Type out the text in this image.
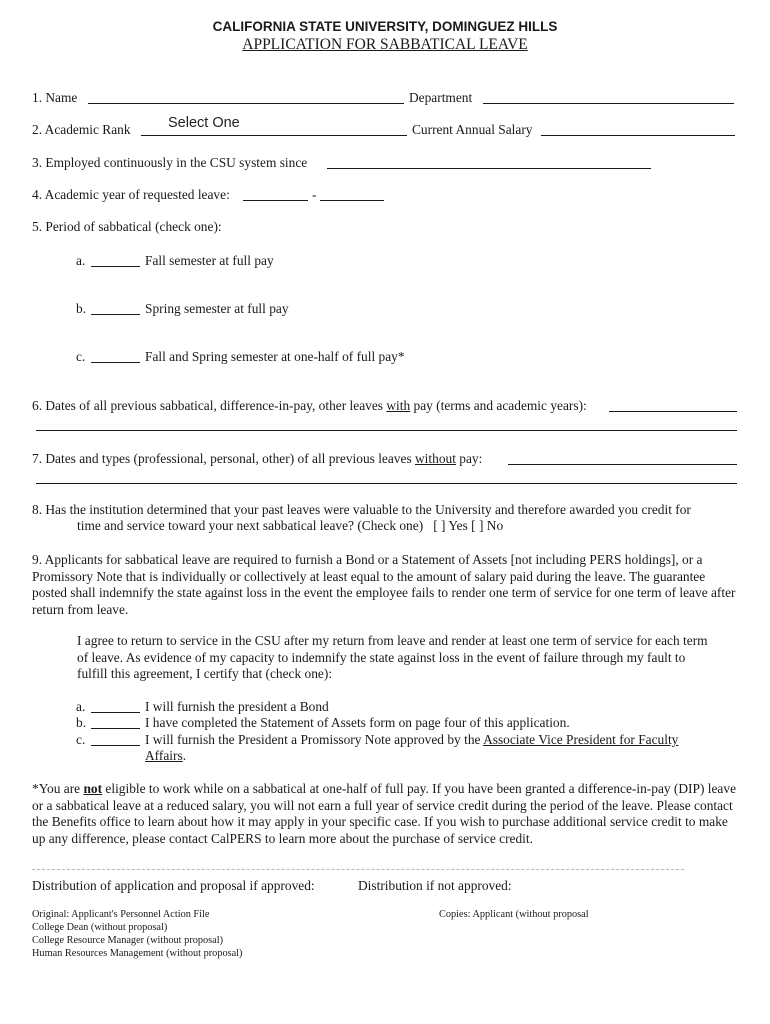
CALIFORNIA STATE UNIVERSITY, DOMINGUEZ HILLS
APPLICATION FOR SABBATICAL LEAVE
1. Name	Department
2. Academic Rank	Select One	Current Annual Salary
3. Employed continuously in the CSU system since
4. Academic year of requested leave:	-
5. Period of sabbatical (check one):
a.	Fall semester at full pay
b.	Spring semester at full pay
c.	Fall and Spring semester at one-half of full pay*
6. Dates of all previous sabbatical, difference-in-pay, other leaves with pay (terms and academic years):
7. Dates and types (professional, personal, other) of all previous leaves without pay:
8. Has the institution determined that your past leaves were valuable to the University and therefore awarded you credit for
time and service toward your next sabbatical leave? (Check one) [ ] Yes [ ] No
9. Applicants for sabbatical leave are required to furnish a Bond or a Statement of Assets [not including PERS holdings], or a Promissory Note that is individually or collectively at least equal to the amount of salary paid during the leave. The guarantee posted shall indemnify the state against loss in the event the employee fails to render one term of service for one term of leave after return from leave.
I agree to return to service in the CSU after my return from leave and render at least one term of service for each term of leave. As evidence of my capacity to indemnify the state against loss in the event of failure through my fault to fulfill this agreement, I certify that (check one):
a.	I will furnish the president a Bond
b.	I have completed the Statement of Assets form on page four of this application.
c.	I will furnish the President a Promissory Note approved by the Associate Vice President for Faculty
Affairs.
*You are not eligible to work while on a sabbatical at one-half of full pay. If you have been granted a difference-in-pay (DIP) leave or a sabbatical leave at a reduced salary, you will not earn a full year of service credit during the period of the leave. Please contact the Benefits office to learn about how it may apply in your specific case. If you wish to purchase additional service credit to make up any difference, please contact CalPERS to learn more about the purchase of service credit.
Distribution of application and proposal if approved:	Distribution if not approved:
Original: Applicant's Personnel Action File
College Dean (without proposal)
College Resource Manager (without proposal)
Human Resources Management (without proposal)
Copies: Applicant (without proposal
